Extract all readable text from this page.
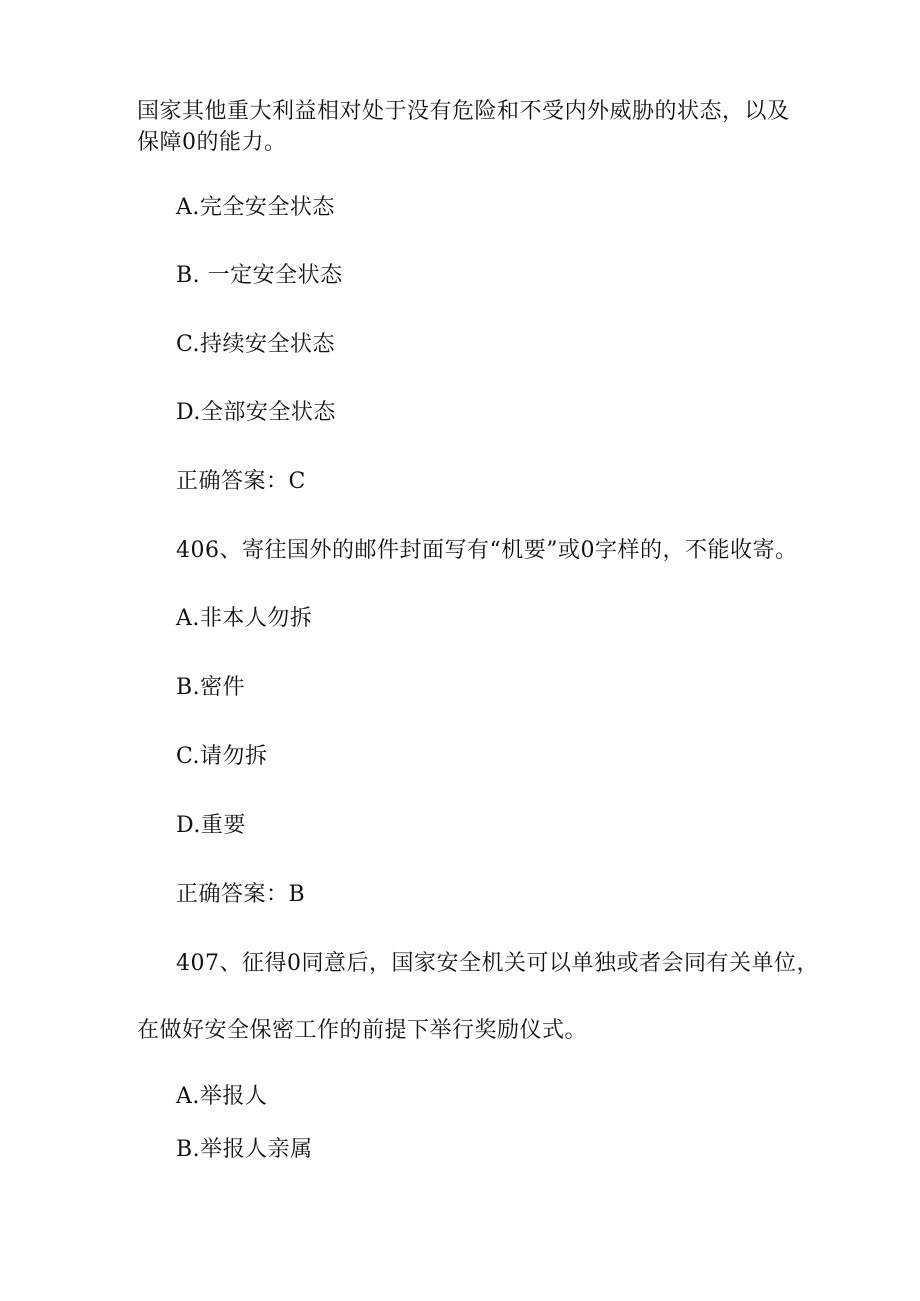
国家其他重大利益相对处于没有危险和不受内外威胁的状态，以及
保障0的能力。
A.完全安全状态
B. 一定安全状态
C.持续安全状态
D.全部安全状态
正确答案：C
406、寄往国外的邮件封面写有“机要”或0字样的，不能收寄。
A.非本人勿拆
B.密件
C.请勿拆
D.重要
正确答案：B
407、征得0同意后，国家安全机关可以单独或者会同有关单位，
在做好安全保密工作的前提下举行奖励仪式。
A.举报人
B.举报人亲属
